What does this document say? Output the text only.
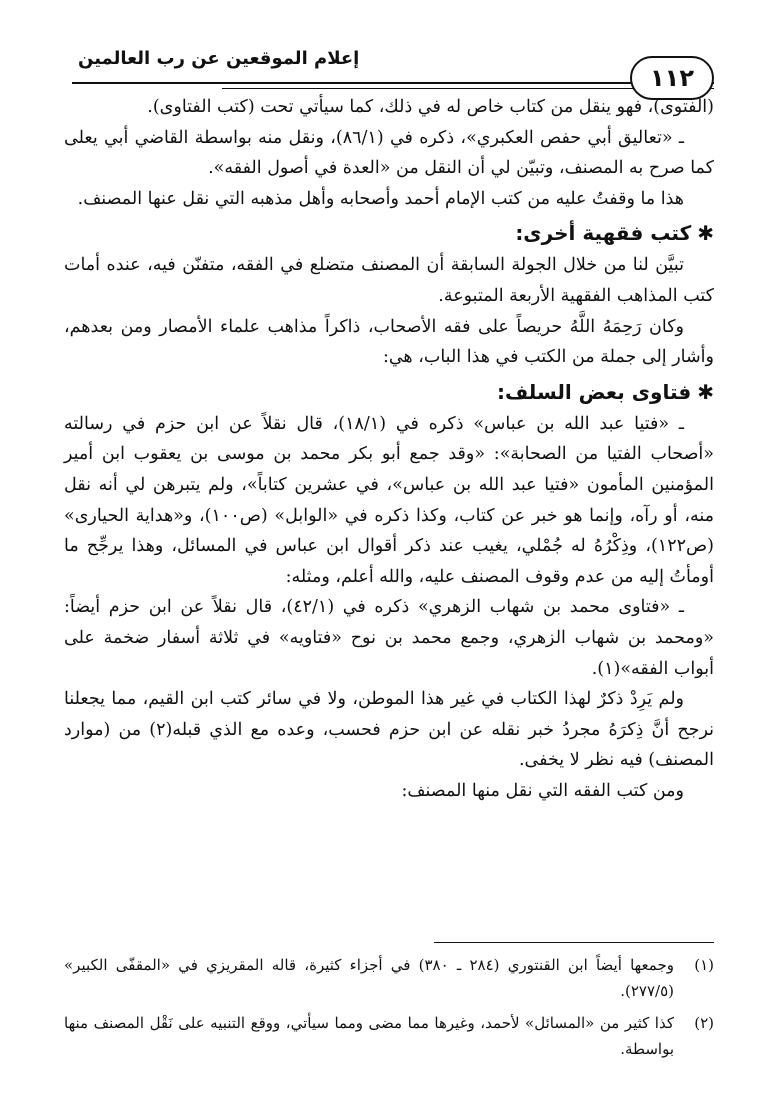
١١٢
إعلام الموقعين عن رب العالمين

(الفتوى)، فهو ينقل من كتاب خاص له في ذلك، كما سيأتي تحت (كتب الفتاوى).

ـ «تعاليق أبي حفص العكبري»، ذكره في (٨٦/١)، ونقل منه بواسطة القاضي أبي يعلى كما صرح به المصنف، وتبيّن لي أن النقل من «العدة في أصول الفقه».

هذا ما وقفتُ عليه من كتب الإمام أحمد وأصحابه وأهل مذهبه التي نقل عنها المصنف.

✱كتب فقهية أخرى:

تبيَّن لنا من خلال الجولة السابقة أن المصنف متضلع في الفقه، متفنّن فيه، عنده أمات كتب المذاهب الفقهية الأربعة المتبوعة.

وكان رَحِمَهُ اللَّهُ حريصاً على فقه الأصحاب، ذاكراً مذاهب علماء الأمصار ومن بعدهم، وأشار إلى جملة من الكتب في هذا الباب، هي:

✱فتاوى بعض السلف:

ـ «فتيا عبد الله بن عباس» ذكره في (١٨/١)، قال نقلاً عن ابن حزم في رسالته «أصحاب الفتيا من الصحابة»: «وقد جمع أبو بكر محمد بن موسى بن يعقوب ابن أمير المؤمنين المأمون «فتيا عبد الله بن عباس»، في عشرين كتاباً»، ولم يتبرهن لي أنه نقل منه، أو رآه، وإنما هو خبر عن كتاب، وكذا ذكره في «الوابل» (ص١٠٠)، و«هداية الحيارى» (ص١٢٢)، وذِكْرُهُ له جُمْلي، يغيب عند ذكر أقوال ابن عباس في المسائل، وهذا يرجِّح ما أومأتُ إليه من عدم وقوف المصنف عليه، والله أعلم، ومثله:

ـ «فتاوى محمد بن شهاب الزهري» ذكره في (٤٢/١)، قال نقلاً عن ابن حزم أيضاً: «ومحمد بن شهاب الزهري، وجمع محمد بن نوح «فتاويه» في ثلاثة أسفار ضخمة على أبواب الفقه»(١).

ولم يَرِدْ ذكرٌ لهذا الكتاب في غير هذا الموطن، ولا في سائر كتب ابن القيم، مما يجعلنا نرجح أنَّ ذِكرَهُ مجردُ خبر نقله عن ابن حزم فحسب، وعده مع الذي قبله(٢) من (موارد المصنف) فيه نظر لا يخفى.

ومن كتب الفقه التي نقل منها المصنف:

(١)
وجمعها أيضاً ابن القنتوري (٢٨٤ ـ ٣٨٠) في أجزاء كثيرة، قاله المقريزي في «المقفّى الكبير» (٢٧٧/٥).
(٢)
كذا كثير من «المسائل» لأحمد، وغيرها مما مضى ومما سيأتي، ووقع التنبيه على نَقْل المصنف منها بواسطة.
